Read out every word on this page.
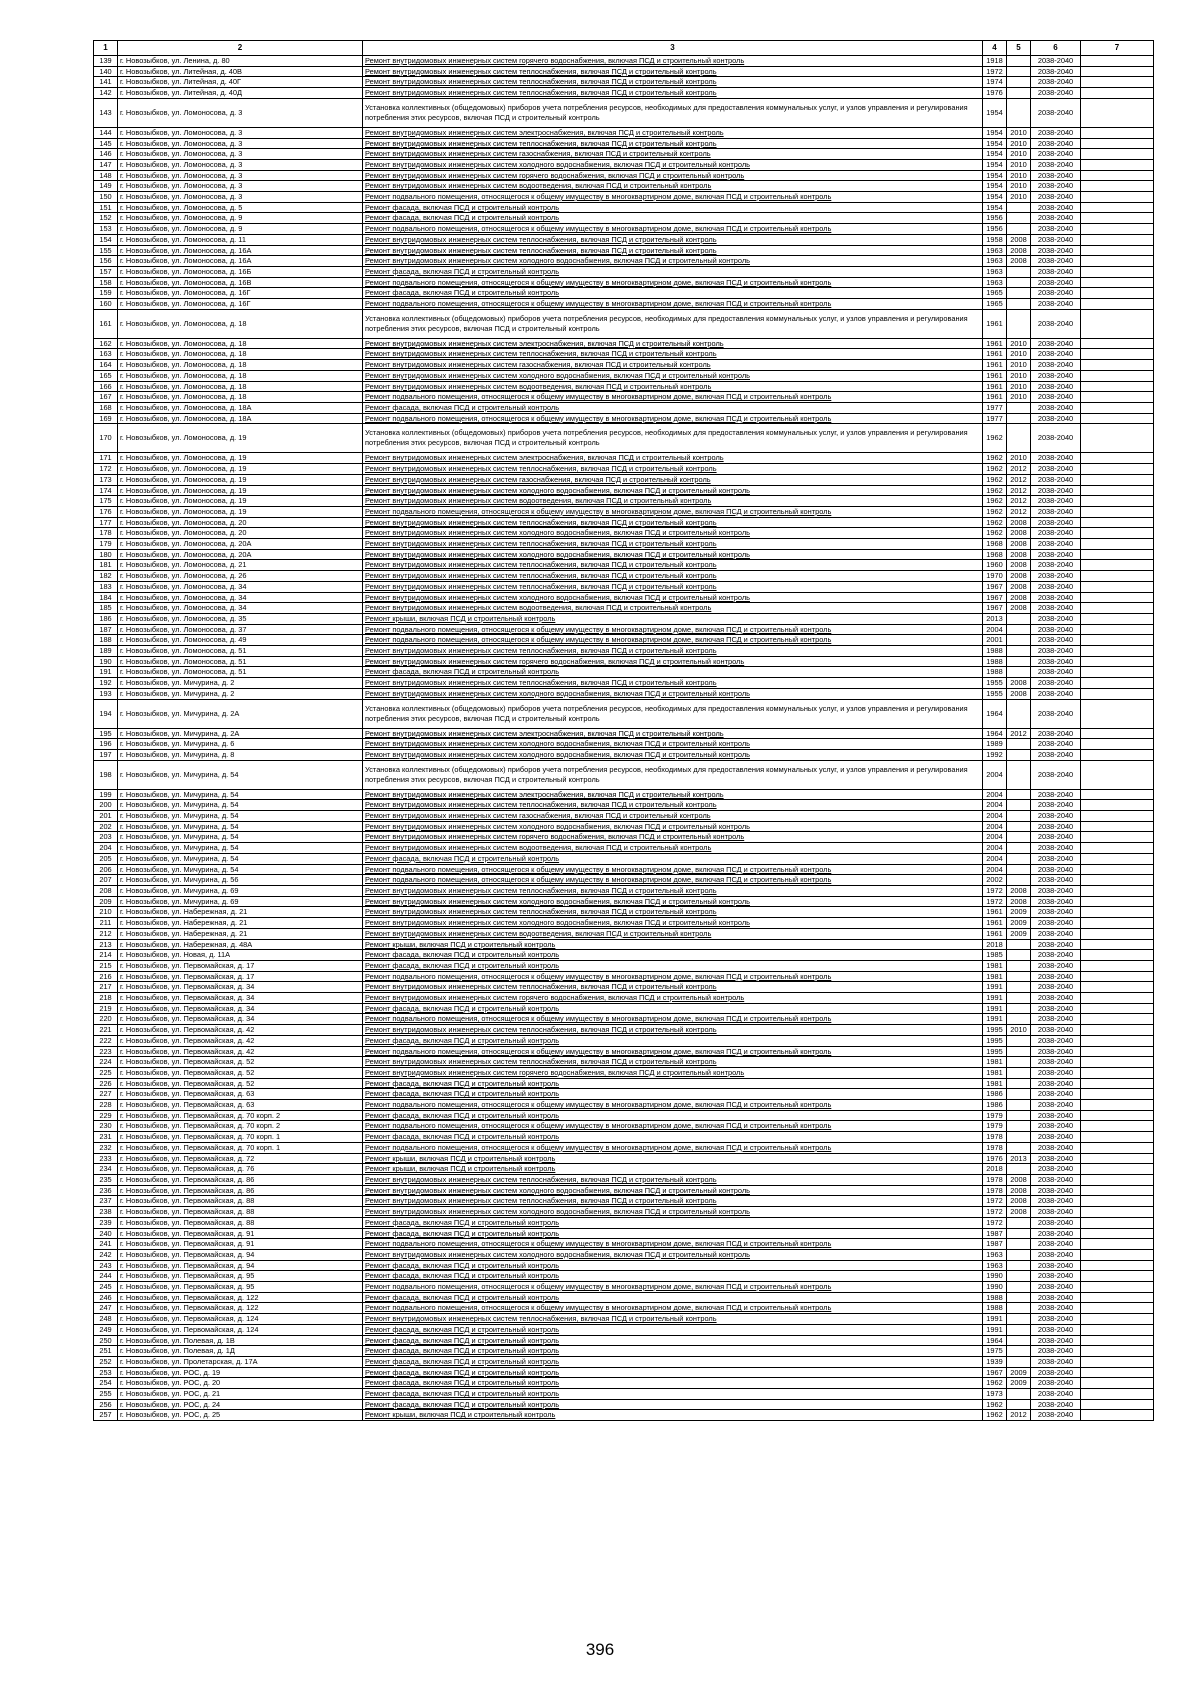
1	2	3	4	5	6	7
139	г. Новозыбков, ул. Ленина, д. 80	Ремонт внутридомовых инженерных систем горячего водоснабжения, включая ПСД и строительный контроль	1918		2038-2040	
140	г. Новозыбков, ул. Литейная, д. 40В	Ремонт внутридомовых инженерных систем теплоснабжения, включая ПСД и строительный контроль	1972		2038-2040	
141	г. Новозыбков, ул. Литейная, д. 40Г	Ремонт внутридомовых инженерных систем теплоснабжения, включая ПСД и строительный контроль	1974		2038-2040	
142	г. Новозыбков, ул. Литейная, д. 40Д	Ремонт внутридомовых инженерных систем теплоснабжения, включая ПСД и строительный контроль	1976		2038-2040	
143	г. Новозыбков, ул. Ломоносова, д. 3	Установка коллективных (общедомовых) приборов учета потребления ресурсов, необходимых для предоставления коммунальных услуг, и узлов управления и регулирования потребления этих ресурсов, включая ПСД и строительный контроль	1954		2038-2040	
144	г. Новозыбков, ул. Ломоносова, д. 3	Ремонт внутридомовых инженерных систем электроснабжения, включая ПСД и строительный контроль	1954	2010	2038-2040	
145	г. Новозыбков, ул. Ломоносова, д. 3	Ремонт внутридомовых инженерных систем теплоснабжения, включая ПСД и строительный контроль	1954	2010	2038-2040	
146	г. Новозыбков, ул. Ломоносова, д. 3	Ремонт внутридомовых инженерных систем газоснабжения, включая ПСД и строительный контроль	1954	2010	2038-2040	
147	г. Новозыбков, ул. Ломоносова, д. 3	Ремонт внутридомовых инженерных систем холодного водоснабжения, включая ПСД и строительный контроль	1954	2010	2038-2040	
148	г. Новозыбков, ул. Ломоносова, д. 3	Ремонт внутридомовых инженерных систем горячего водоснабжения, включая ПСД и строительный контроль	1954	2010	2038-2040	
149	г. Новозыбков, ул. Ломоносова, д. 3	Ремонт внутридомовых инженерных систем водоотведения, включая ПСД и строительный контроль	1954	2010	2038-2040	
150	г. Новозыбков, ул. Ломоносова, д. 3	Ремонт подвального помещения, относящегося к общему имуществу в многоквартирном доме, включая ПСД и строительный контроль	1954	2010	2038-2040	
151	г. Новозыбков, ул. Ломоносова, д. 5	Ремонт фасада, включая ПСД и строительный контроль	1954		2038-2040	
152	г. Новозыбков, ул. Ломоносова, д. 9	Ремонт фасада, включая ПСД и строительный контроль	1956		2038-2040	
153	г. Новозыбков, ул. Ломоносова, д. 9	Ремонт подвального помещения, относящегося к общему имуществу в многоквартирном доме, включая ПСД и строительный контроль	1956		2038-2040	
154	г. Новозыбков, ул. Ломоносова, д. 11	Ремонт внутридомовых инженерных систем теплоснабжения, включая ПСД и строительный контроль	1958	2008	2038-2040	
155	г. Новозыбков, ул. Ломоносова, д. 16А	Ремонт внутридомовых инженерных систем теплоснабжения, включая ПСД и строительный контроль	1963	2008	2038-2040	
156	г. Новозыбков, ул. Ломоносова, д. 16А	Ремонт внутридомовых инженерных систем холодного водоснабжения, включая ПСД и строительный контроль	1963	2008	2038-2040	
157	г. Новозыбков, ул. Ломоносова, д. 16Б	Ремонт фасада, включая ПСД и строительный контроль	1963		2038-2040	
158	г. Новозыбков, ул. Ломоносова, д. 16В	Ремонт подвального помещения, относящегося к общему имуществу в многоквартирном доме, включая ПСД и строительный контроль	1963		2038-2040	
159	г. Новозыбков, ул. Ломоносова, д. 16Г	Ремонт фасада, включая ПСД и строительный контроль	1965		2038-2040	
160	г. Новозыбков, ул. Ломоносова, д. 16Г	Ремонт подвального помещения, относящегося к общему имуществу в многоквартирном доме, включая ПСД и строительный контроль	1965		2038-2040	
161	г. Новозыбков, ул. Ломоносова, д. 18	Установка коллективных (общедомовых) приборов учета потребления ресурсов, необходимых для предоставления коммунальных услуг, и узлов управления и регулирования потребления этих ресурсов, включая ПСД и строительный контроль	1961		2038-2040	
162	г. Новозыбков, ул. Ломоносова, д. 18	Ремонт внутридомовых инженерных систем электроснабжения, включая ПСД и строительный контроль	1961	2010	2038-2040	
163	г. Новозыбков, ул. Ломоносова, д. 18	Ремонт внутридомовых инженерных систем теплоснабжения, включая ПСД и строительный контроль	1961	2010	2038-2040	
164	г. Новозыбков, ул. Ломоносова, д. 18	Ремонт внутридомовых инженерных систем газоснабжения, включая ПСД и строительный контроль	1961	2010	2038-2040	
165	г. Новозыбков, ул. Ломоносова, д. 18	Ремонт внутридомовых инженерных систем холодного водоснабжения, включая ПСД и строительный контроль	1961	2010	2038-2040	
166	г. Новозыбков, ул. Ломоносова, д. 18	Ремонт внутридомовых инженерных систем водоотведения, включая ПСД и строительный контроль	1961	2010	2038-2040	
167	г. Новозыбков, ул. Ломоносова, д. 18	Ремонт подвального помещения, относящегося к общему имуществу в многоквартирном доме, включая ПСД и строительный контроль	1961	2010	2038-2040	
168	г. Новозыбков, ул. Ломоносова, д. 18А	Ремонт фасада, включая ПСД и строительный контроль	1977		2038-2040	
169	г. Новозыбков, ул. Ломоносова, д. 18А	Ремонт подвального помещения, относящегося к общему имуществу в многоквартирном доме, включая ПСД и строительный контроль	1977		2038-2040	
170	г. Новозыбков, ул. Ломоносова, д. 19	Установка коллективных (общедомовых) приборов учета потребления ресурсов, необходимых для предоставления коммунальных услуг, и узлов управления и регулирования потребления этих ресурсов, включая ПСД и строительный контроль	1962		2038-2040	
171	г. Новозыбков, ул. Ломоносова, д. 19	Ремонт внутридомовых инженерных систем электроснабжения, включая ПСД и строительный контроль	1962	2010	2038-2040	
172	г. Новозыбков, ул. Ломоносова, д. 19	Ремонт внутридомовых инженерных систем теплоснабжения, включая ПСД и строительный контроль	1962	2012	2038-2040	
173	г. Новозыбков, ул. Ломоносова, д. 19	Ремонт внутридомовых инженерных систем газоснабжения, включая ПСД и строительный контроль	1962	2012	2038-2040	
174	г. Новозыбков, ул. Ломоносова, д. 19	Ремонт внутридомовых инженерных систем холодного водоснабжения, включая ПСД и строительный контроль	1962	2012	2038-2040	
175	г. Новозыбков, ул. Ломоносова, д. 19	Ремонт внутридомовых инженерных систем водоотведения, включая ПСД и строительный контроль	1962	2012	2038-2040	
176	г. Новозыбков, ул. Ломоносова, д. 19	Ремонт подвального помещения, относящегося к общему имуществу в многоквартирном доме, включая ПСД и строительный контроль	1962	2012	2038-2040	
177	г. Новозыбков, ул. Ломоносова, д. 20	Ремонт внутридомовых инженерных систем теплоснабжения, включая ПСД и строительный контроль	1962	2008	2038-2040	
178	г. Новозыбков, ул. Ломоносова, д. 20	Ремонт внутридомовых инженерных систем холодного водоснабжения, включая ПСД и строительный контроль	1962	2008	2038-2040	
179	г. Новозыбков, ул. Ломоносова, д. 20А	Ремонт внутридомовых инженерных систем теплоснабжения, включая ПСД и строительный контроль	1968	2008	2038-2040	
180	г. Новозыбков, ул. Ломоносова, д. 20А	Ремонт внутридомовых инженерных систем холодного водоснабжения, включая ПСД и строительный контроль	1968	2008	2038-2040	
181	г. Новозыбков, ул. Ломоносова, д. 21	Ремонт внутридомовых инженерных систем теплоснабжения, включая ПСД и строительный контроль	1960	2008	2038-2040	
182	г. Новозыбков, ул. Ломоносова, д. 26	Ремонт внутридомовых инженерных систем теплоснабжения, включая ПСД и строительный контроль	1970	2008	2038-2040	
183	г. Новозыбков, ул. Ломоносова, д. 34	Ремонт внутридомовых инженерных систем теплоснабжения, включая ПСД и строительный контроль	1967	2008	2038-2040	
184	г. Новозыбков, ул. Ломоносова, д. 34	Ремонт внутридомовых инженерных систем холодного водоснабжения, включая ПСД и строительный контроль	1967	2008	2038-2040	
185	г. Новозыбков, ул. Ломоносова, д. 34	Ремонт внутридомовых инженерных систем водоотведения, включая ПСД и строительный контроль	1967	2008	2038-2040	
186	г. Новозыбков, ул. Ломоносова, д. 35	Ремонт крыши, включая ПСД и строительный контроль	2013		2038-2040	
187	г. Новозыбков, ул. Ломоносова, д. 37	Ремонт подвального помещения, относящегося к общему имуществу в многоквартирном доме, включая ПСД и строительный контроль	2004		2038-2040	
188	г. Новозыбков, ул. Ломоносова, д. 49	Ремонт подвального помещения, относящегося к общему имуществу в многоквартирном доме, включая ПСД и строительный контроль	2001		2038-2040	
189	г. Новозыбков, ул. Ломоносова, д. 51	Ремонт внутридомовых инженерных систем теплоснабжения, включая ПСД и строительный контроль	1988		2038-2040	
190	г. Новозыбков, ул. Ломоносова, д. 51	Ремонт внутридомовых инженерных систем горячего водоснабжения, включая ПСД и строительный контроль	1988		2038-2040	
191	г. Новозыбков, ул. Ломоносова, д. 51	Ремонт фасада, включая ПСД и строительный контроль	1988		2038-2040	
192	г. Новозыбков, ул. Мичурина, д. 2	Ремонт внутридомовых инженерных систем теплоснабжения, включая ПСД и строительный контроль	1955	2008	2038-2040	
193	г. Новозыбков, ул. Мичурина, д. 2	Ремонт внутридомовых инженерных систем холодного водоснабжения, включая ПСД и строительный контроль	1955	2008	2038-2040	
194	г. Новозыбков, ул. Мичурина, д. 2А	Установка коллективных (общедомовых) приборов учета потребления ресурсов, необходимых для предоставления коммунальных услуг, и узлов управления и регулирования потребления этих ресурсов, включая ПСД и строительный контроль	1964		2038-2040	
195	г. Новозыбков, ул. Мичурина, д. 2А	Ремонт внутридомовых инженерных систем электроснабжения, включая ПСД и строительный контроль	1964	2012	2038-2040	
196	г. Новозыбков, ул. Мичурина, д. 6	Ремонт внутридомовых инженерных систем холодного водоснабжения, включая ПСД и строительный контроль	1989		2038-2040	
197	г. Новозыбков, ул. Мичурина, д. 8	Ремонт внутридомовых инженерных систем холодного водоснабжения, включая ПСД и строительный контроль	1992		2038-2040	
198	г. Новозыбков, ул. Мичурина, д. 54	Установка коллективных (общедомовых) приборов учета потребления ресурсов, необходимых для предоставления коммунальных услуг, и узлов управления и регулирования потребления этих ресурсов, включая ПСД и строительный контроль	2004		2038-2040	
199	г. Новозыбков, ул. Мичурина, д. 54	Ремонт внутридомовых инженерных систем электроснабжения, включая ПСД и строительный контроль	2004		2038-2040	
200	г. Новозыбков, ул. Мичурина, д. 54	Ремонт внутридомовых инженерных систем теплоснабжения, включая ПСД и строительный контроль	2004		2038-2040	
201	г. Новозыбков, ул. Мичурина, д. 54	Ремонт внутридомовых инженерных систем газоснабжения, включая ПСД и строительный контроль	2004		2038-2040	
202	г. Новозыбков, ул. Мичурина, д. 54	Ремонт внутридомовых инженерных систем холодного водоснабжения, включая ПСД и строительный контроль	2004		2038-2040	
203	г. Новозыбков, ул. Мичурина, д. 54	Ремонт внутридомовых инженерных систем горячего водоснабжения, включая ПСД и строительный контроль	2004		2038-2040	
204	г. Новозыбков, ул. Мичурина, д. 54	Ремонт внутридомовых инженерных систем водоотведения, включая ПСД и строительный контроль	2004		2038-2040	
205	г. Новозыбков, ул. Мичурина, д. 54	Ремонт фасада, включая ПСД и строительный контроль	2004		2038-2040	
206	г. Новозыбков, ул. Мичурина, д. 54	Ремонт подвального помещения, относящегося к общему имуществу в многоквартирном доме, включая ПСД и строительный контроль	2004		2038-2040	
207	г. Новозыбков, ул. Мичурина, д. 56	Ремонт подвального помещения, относящегося к общему имуществу в многоквартирном доме, включая ПСД и строительный контроль	2002		2038-2040	
208	г. Новозыбков, ул. Мичурина, д. 69	Ремонт внутридомовых инженерных систем теплоснабжения, включая ПСД и строительный контроль	1972	2008	2038-2040	
209	г. Новозыбков, ул. Мичурина, д. 69	Ремонт внутридомовых инженерных систем холодного водоснабжения, включая ПСД и строительный контроль	1972	2008	2038-2040	
210	г. Новозыбков, ул. Набережная, д. 21	Ремонт внутридомовых инженерных систем теплоснабжения, включая ПСД и строительный контроль	1961	2009	2038-2040	
211	г. Новозыбков, ул. Набережная, д. 21	Ремонт внутридомовых инженерных систем холодного водоснабжения, включая ПСД и строительный контроль	1961	2009	2038-2040	
212	г. Новозыбков, ул. Набережная, д. 21	Ремонт внутридомовых инженерных систем водоотведения, включая ПСД и строительный контроль	1961	2009	2038-2040	
213	г. Новозыбков, ул. Набережная, д. 48А	Ремонт крыши, включая ПСД и строительный контроль	2018		2038-2040	
214	г. Новозыбков, ул. Новая, д. 11А	Ремонт фасада, включая ПСД и строительный контроль	1985		2038-2040	
215	г. Новозыбков, ул. Первомайская, д. 17	Ремонт фасада, включая ПСД и строительный контроль	1981		2038-2040	
216	г. Новозыбков, ул. Первомайская, д. 17	Ремонт подвального помещения, относящегося к общему имуществу в многоквартирном доме, включая ПСД и строительный контроль	1981		2038-2040	
217	г. Новозыбков, ул. Первомайская, д. 34	Ремонт внутридомовых инженерных систем теплоснабжения, включая ПСД и строительный контроль	1991		2038-2040	
218	г. Новозыбков, ул. Первомайская, д. 34	Ремонт внутридомовых инженерных систем горячего водоснабжения, включая ПСД и строительный контроль	1991		2038-2040	
219	г. Новозыбков, ул. Первомайская, д. 34	Ремонт фасада, включая ПСД и строительный контроль	1991		2038-2040	
220	г. Новозыбков, ул. Первомайская, д. 34	Ремонт подвального помещения, относящегося к общему имуществу в многоквартирном доме, включая ПСД и строительный контроль	1991		2038-2040	
221	г. Новозыбков, ул. Первомайская, д. 42	Ремонт внутридомовых инженерных систем теплоснабжения, включая ПСД и строительный контроль	1995	2010	2038-2040	
222	г. Новозыбков, ул. Первомайская, д. 42	Ремонт фасада, включая ПСД и строительный контроль	1995		2038-2040	
223	г. Новозыбков, ул. Первомайская, д. 42	Ремонт подвального помещения, относящегося к общему имуществу в многоквартирном доме, включая ПСД и строительный контроль	1995		2038-2040	
224	г. Новозыбков, ул. Первомайская, д. 52	Ремонт внутридомовых инженерных систем теплоснабжения, включая ПСД и строительный контроль	1981		2038-2040	
225	г. Новозыбков, ул. Первомайская, д. 52	Ремонт внутридомовых инженерных систем горячего водоснабжения, включая ПСД и строительный контроль	1981		2038-2040	
226	г. Новозыбков, ул. Первомайская, д. 52	Ремонт фасада, включая ПСД и строительный контроль	1981		2038-2040	
227	г. Новозыбков, ул. Первомайская, д. 63	Ремонт фасада, включая ПСД и строительный контроль	1986		2038-2040	
228	г. Новозыбков, ул. Первомайская, д. 63	Ремонт подвального помещения, относящегося к общему имуществу в многоквартирном доме, включая ПСД и строительный контроль	1986		2038-2040	
229	г. Новозыбков, ул. Первомайская, д. 70 корп. 2	Ремонт фасада, включая ПСД и строительный контроль	1979		2038-2040	
230	г. Новозыбков, ул. Первомайская, д. 70 корп. 2	Ремонт подвального помещения, относящегося к общему имуществу в многоквартирном доме, включая ПСД и строительный контроль	1979		2038-2040	
231	г. Новозыбков, ул. Первомайская, д. 70 корп. 1	Ремонт фасада, включая ПСД и строительный контроль	1978		2038-2040	
232	г. Новозыбков, ул. Первомайская, д. 70 корп. 1	Ремонт подвального помещения, относящегося к общему имуществу в многоквартирном доме, включая ПСД и строительный контроль	1978		2038-2040	
233	г. Новозыбков, ул. Первомайская, д. 72	Ремонт крыши, включая ПСД и строительный контроль	1976	2013	2038-2040	
234	г. Новозыбков, ул. Первомайская, д. 76	Ремонт крыши, включая ПСД и строительный контроль	2018		2038-2040	
235	г. Новозыбков, ул. Первомайская, д. 86	Ремонт внутридомовых инженерных систем теплоснабжения, включая ПСД и строительный контроль	1978	2008	2038-2040	
236	г. Новозыбков, ул. Первомайская, д. 86	Ремонт внутридомовых инженерных систем холодного водоснабжения, включая ПСД и строительный контроль	1978	2008	2038-2040	
237	г. Новозыбков, ул. Первомайская, д. 88	Ремонт внутридомовых инженерных систем теплоснабжения, включая ПСД и строительный контроль	1972	2008	2038-2040	
238	г. Новозыбков, ул. Первомайская, д. 88	Ремонт внутридомовых инженерных систем холодного водоснабжения, включая ПСД и строительный контроль	1972	2008	2038-2040	
239	г. Новозыбков, ул. Первомайская, д. 88	Ремонт фасада, включая ПСД и строительный контроль	1972		2038-2040	
240	г. Новозыбков, ул. Первомайская, д. 91	Ремонт фасада, включая ПСД и строительный контроль	1987		2038-2040	
241	г. Новозыбков, ул. Первомайская, д. 91	Ремонт подвального помещения, относящегося к общему имуществу в многоквартирном доме, включая ПСД и строительный контроль	1987		2038-2040	
242	г. Новозыбков, ул. Первомайская, д. 94	Ремонт внутридомовых инженерных систем холодного водоснабжения, включая ПСД и строительный контроль	1963		2038-2040	
243	г. Новозыбков, ул. Первомайская, д. 94	Ремонт фасада, включая ПСД и строительный контроль	1963		2038-2040	
244	г. Новозыбков, ул. Первомайская, д. 95	Ремонт фасада, включая ПСД и строительный контроль	1990		2038-2040	
245	г. Новозыбков, ул. Первомайская, д. 95	Ремонт подвального помещения, относящегося к общему имуществу в многоквартирном доме, включая ПСД и строительный контроль	1990		2038-2040	
246	г. Новозыбков, ул. Первомайская, д. 122	Ремонт фасада, включая ПСД и строительный контроль	1988		2038-2040	
247	г. Новозыбков, ул. Первомайская, д. 122	Ремонт подвального помещения, относящегося к общему имуществу в многоквартирном доме, включая ПСД и строительный контроль	1988		2038-2040	
248	г. Новозыбков, ул. Первомайская, д. 124	Ремонт внутридомовых инженерных систем теплоснабжения, включая ПСД и строительный контроль	1991		2038-2040	
249	г. Новозыбков, ул. Первомайская, д. 124	Ремонт фасада, включая ПСД и строительный контроль	1991		2038-2040	
250	г. Новозыбков, ул. Полевая, д. 1В	Ремонт фасада, включая ПСД и строительный контроль	1964		2038-2040	
251	г. Новозыбков, ул. Полевая, д. 1Д	Ремонт фасада, включая ПСД и строительный контроль	1975		2038-2040	
252	г. Новозыбков, ул. Пролетарская, д. 17А	Ремонт фасада, включая ПСД и строительный контроль	1939		2038-2040	
253	г. Новозыбков, ул. РОС, д. 19	Ремонт фасада, включая ПСД и строительный контроль	1967	2009	2038-2040	
254	г. Новозыбков, ул. РОС, д. 20	Ремонт фасада, включая ПСД и строительный контроль	1962	2009	2038-2040	
255	г. Новозыбков, ул. РОС, д. 21	Ремонт фасада, включая ПСД и строительный контроль	1973		2038-2040	
256	г. Новозыбков, ул. РОС, д. 24	Ремонт фасада, включая ПСД и строительный контроль	1962		2038-2040	
257	г. Новозыбков, ул. РОС, д. 25	Ремонт крыши, включая ПСД и строительный контроль	1962	2012	2038-2040	
396
